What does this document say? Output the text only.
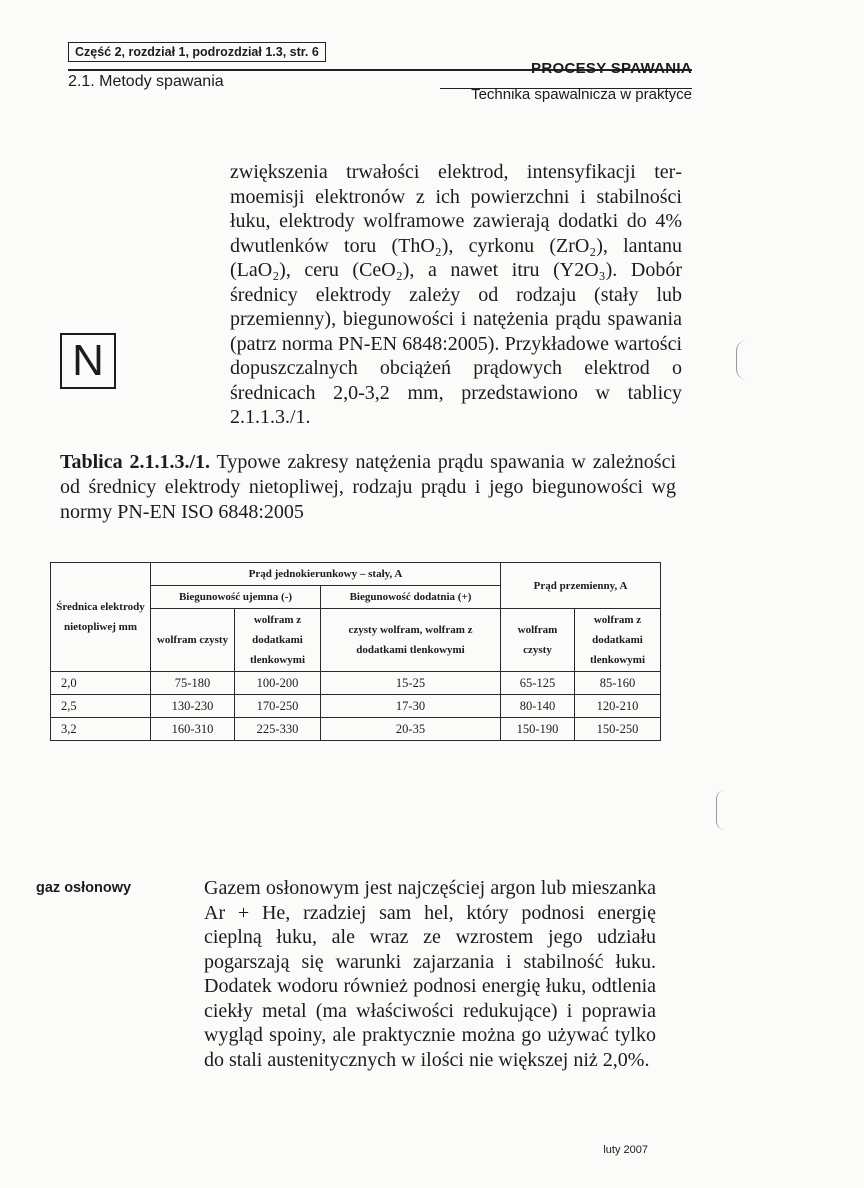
Część 2, rozdział 1, podrozdział 1.3, str. 6
2.1. Metody spawania
PROCESY SPAWANIA
Technika spawalnicza w praktyce
zwiększenia trwałości elektrod, intensyfikacji termoemisji elektronów z ich powierzchni i stabilności łuku, elektrody wolframowe zawierają dodatki do 4% dwutlenków toru (ThO₂), cyrkonu (ZrO₂), lantanu (LaO₂), ceru (CeO₂), a nawet itru (Y2O₃). Dobór średnicy elektrody zależy od rodzaju (stały lub przemienny), biegunowości i natężenia prądu spawania (patrz norma PN-EN 6848:2005). Przykładowe wartości dopuszczalnych obciążeń prądowych elektrod o średnicach 2,0-3,2 mm, przedstawiono w tablicy 2.1.1.3./1.
N
Tablica 2.1.1.3./1. Typowe zakresy natężenia prądu spawania w zależności od średnicy elektrody nietopliwej, rodzaju prądu i jego biegunowości wg normy PN-EN ISO 6848:2005
Średnica elektrody nietopliwej mm	Prąd jednokierunkowy – stały, A			Prąd przemienny, A	
	Biegunowość ujemna (-)		Biegunowość dodatnia (+)		
	wolfram czysty	wolfram z dodatkami tlenkowymi	czysty wolfram, wolfram z dodatkami tlenkowymi	wolfram czysty	wolfram z dodatkami tlenkowymi
2,0	75-180	100-200	15-25	65-125	85-160
2,5	130-230	170-250	17-30	80-140	120-210
3,2	160-310	225-330	20-35	150-190	150-250
gaz osłonowy	Gazem osłonowym jest najczęściej argon lub mieszanka Ar + He, rzadziej sam hel, który podnosi energię cieplną łuku, ale wraz ze wzrostem jego udziału pogarszają się warunki zajarzania i stabilność łuku. Dodatek wodoru również podnosi energię łuku, odtlenia ciekły metal (ma właściwości redukujące) i poprawia wygląd spoiny, ale praktycznie można go używać tylko do stali austenitycznych w ilości nie większej niż 2,0%.
luty 2007
